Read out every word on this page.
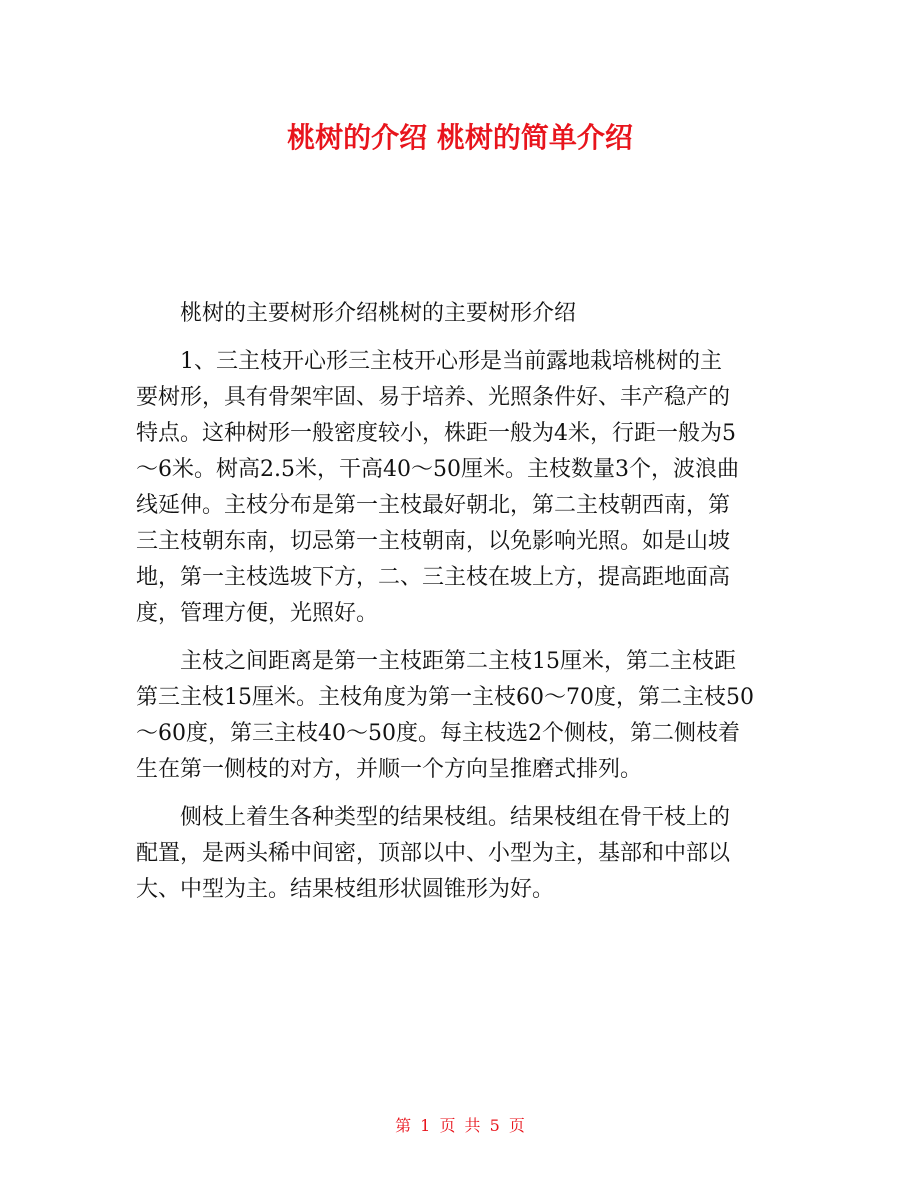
桃树的介绍 桃树的简单介绍

桃树的主要树形介绍桃树的主要树形介绍

1、三主枝开心形三主枝开心形是当前露地栽培桃树的主
要树形，具有骨架牢固、易于培养、光照条件好、丰产稳产的
特点。这种树形一般密度较小，株距一般为4米，行距一般为5
～6米。树高2.5米，干高40～50厘米。主枝数量3个，波浪曲
线延伸。主枝分布是第一主枝最好朝北，第二主枝朝西南，第
三主枝朝东南，切忌第一主枝朝南，以免影响光照。如是山坡
地，第一主枝选坡下方，二、三主枝在坡上方，提高距地面高
度，管理方便，光照好。

主枝之间距离是第一主枝距第二主枝15厘米，第二主枝距
第三主枝15厘米。主枝角度为第一主枝60～70度，第二主枝50
～60度，第三主枝40～50度。每主枝选2个侧枝，第二侧枝着
生在第一侧枝的对方，并顺一个方向呈推磨式排列。

侧枝上着生各种类型的结果枝组。结果枝组在骨干枝上的
配置，是两头稀中间密，顶部以中、小型为主，基部和中部以
大、中型为主。结果枝组形状圆锥形为好。

第 1 页 共 5 页
